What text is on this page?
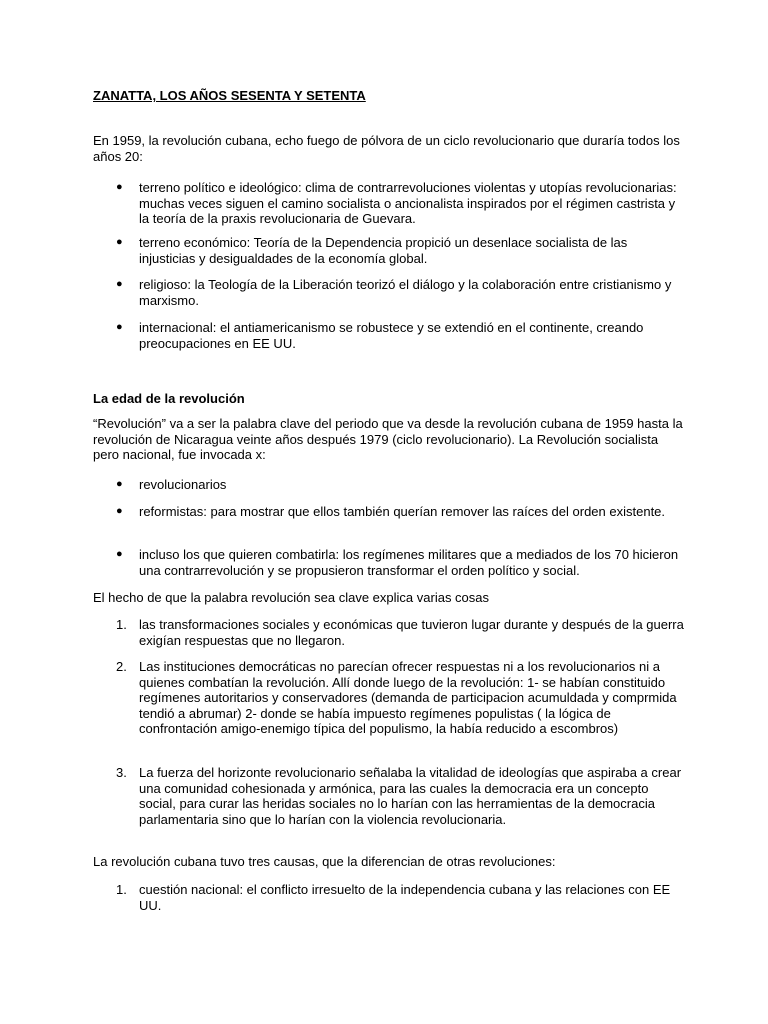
ZANATTA, LOS AÑOS SESENTA Y SETENTA

En 1959, la revolución cubana, echo fuego de pólvora de un ciclo revolucionario que duraría todos los años 20:

●	terreno político e ideológico: clima de contrarrevoluciones violentas y utopías revolucionarias: muchas veces siguen el camino socialista o ancionalista inspirados por el régimen castrista y la teoría de la praxis revolucionaria de Guevara.
●	terreno económico: Teoría de la Dependencia propició un desenlace socialista de las injusticias y desigualdades de la economía global.
●	religioso: la Teología de la Liberación teorizó el diálogo y la colaboración entre cristianismo y marxismo.
●	internacional: el antiamericanismo se robustece y se extendió en el continente, creando preocupaciones en EE UU.
La edad de la revolución

“Revolución” va a ser la palabra clave del periodo que va desde la revolución cubana de 1959 hasta la revolución de Nicaragua veinte años después 1979 (ciclo revolucionario). La Revolución socialista pero nacional, fue invocada x:

●	revolucionarios
●	reformistas: para mostrar que ellos también querían remover las raíces del orden existente.
●	incluso los que quieren combatirla: los regímenes militares que a mediados de los 70 hicieron una contrarrevolución y se propusieron transformar el orden político y social.

El hecho de que la palabra revolución sea clave explica varias cosas

1. las transformaciones sociales y económicas que tuvieron lugar durante y después de la guerra exigían respuestas que no llegaron.
2. Las instituciones democráticas no parecían ofrecer respuestas ni a los revolucionarios ni a quienes combatían la revolución. Allí donde luego de la revolución: 1- se habían constituido regímenes autoritarios y conservadores (demanda de participacion acumuldada y comprmida tendió a abrumar) 2- donde se había impuesto regímenes populistas ( la lógica de confrontación amigo-enemigo típica del populismo, la había reducido a escombros)
3. La fuerza del horizonte revolucionario señalaba la vitalidad de ideologías que aspiraba a crear una comunidad cohesionada y armónica, para las cuales la democracia era un concepto social, para curar las heridas sociales no lo harían con las herramientas de la democracia parlamentaria sino que lo harían con la violencia revolucionaria.

La revolución cubana tuvo tres causas, que la diferencian de otras revoluciones:

1. cuestión nacional: el conflicto irresuelto de la independencia cubana y las relaciones con EE UU.
